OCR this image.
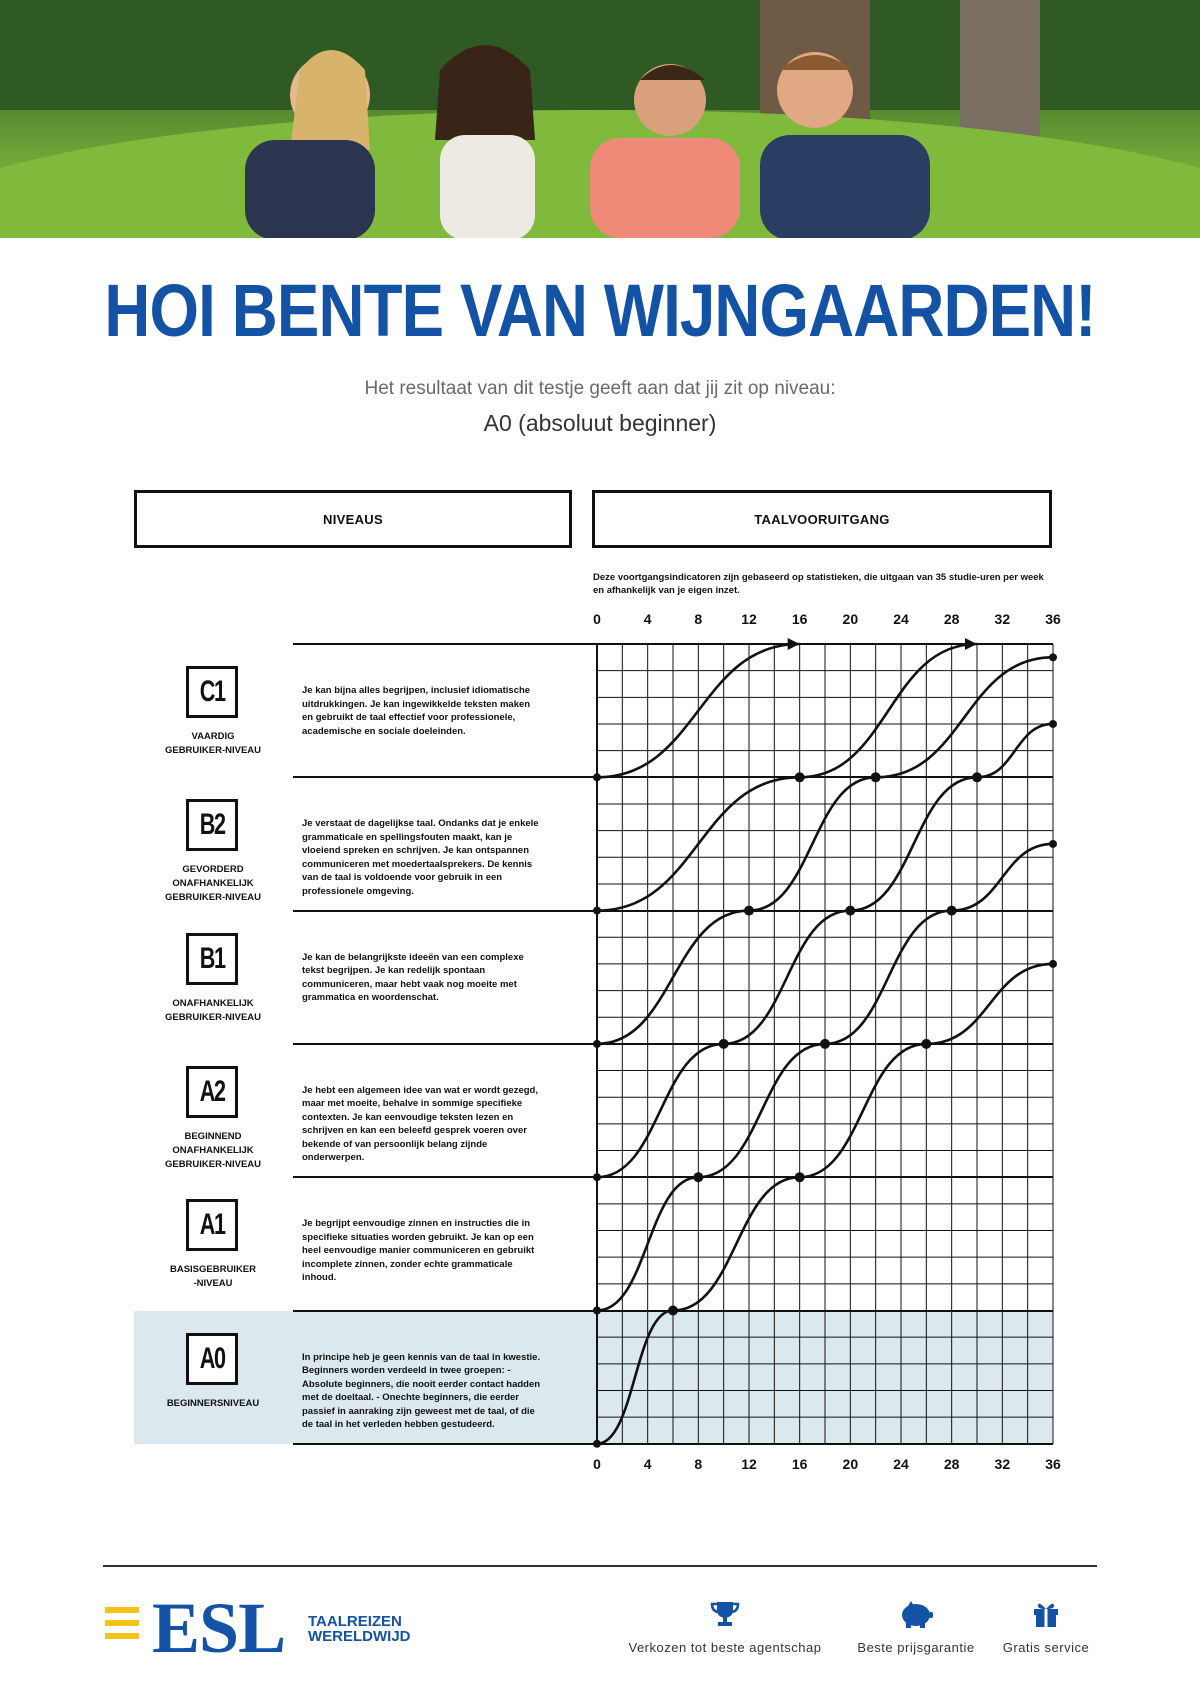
HOI BENTE VAN WIJNGAARDEN!
Het resultaat van dit testje geeft aan dat jij zit op niveau:
A0 (absoluut beginner)
NIVEAUS	TAALVOORUITGANG
Deze voortgangsindicatoren zijn gebaseerd op statistieken, die uitgaan van 35 studie-uren per week en afhankelijk van je eigen inzet.
C1
VAARDIG
GEBRUIKER-NIVEAU
Je kan bijna alles begrijpen, inclusief idiomatische uitdrukkingen. Je kan ingewikkelde teksten maken en gebruikt de taal effectief voor professionele, academische en sociale doeleinden.
B2
GEVORDERD
ONAFHANKELIJK
GEBRUIKER-NIVEAU
Je verstaat de dagelijkse taal. Ondanks dat je enkele grammaticale en spellingsfouten maakt, kan je vloeiend spreken en schrijven. Je kan ontspannen communiceren met moedertaalsprekers. De kennis van de taal is voldoende voor gebruik in een professionele omgeving.
B1
ONAFHANKELIJK
GEBRUIKER-NIVEAU
Je kan de belangrijkste ideeën van een complexe tekst begrijpen. Je kan redelijk spontaan communiceren, maar hebt vaak nog moeite met grammatica en woordenschat.
A2
BEGINNEND
ONAFHANKELIJK
GEBRUIKER-NIVEAU
Je hebt een algemeen idee van wat er wordt gezegd, maar met moeite, behalve in sommige specifieke contexten. Je kan eenvoudige teksten lezen en schrijven en kan een beleefd gesprek voeren over bekende of van persoonlijk belang zijnde onderwerpen.
A1
BASISGEBRUIKER
-NIVEAU
Je begrijpt eenvoudige zinnen en instructies die in specifieke situaties worden gebruikt. Je kan op een heel eenvoudige manier communiceren en gebruikt incomplete zinnen, zonder echte grammaticale inhoud.
A0
BEGINNERSNIVEAU
In principe heb je geen kennis van de taal in kwestie. Beginners worden verdeeld in twee groepen: - Absolute beginners, die nooit eerder contact hadden met de doeltaal. - Onechte beginners, die eerder passief in aanraking zijn geweest met de taal, of die de taal in het verleden hebben gestudeerd.
0	4	8	12	16	20	24	28	32	36
0	4	8	12	16	20	24	28	32	36
ESL TAALREIZEN
WERELDWIJD
Verkozen tot beste agentschap	Beste prijsgarantie	Gratis service
